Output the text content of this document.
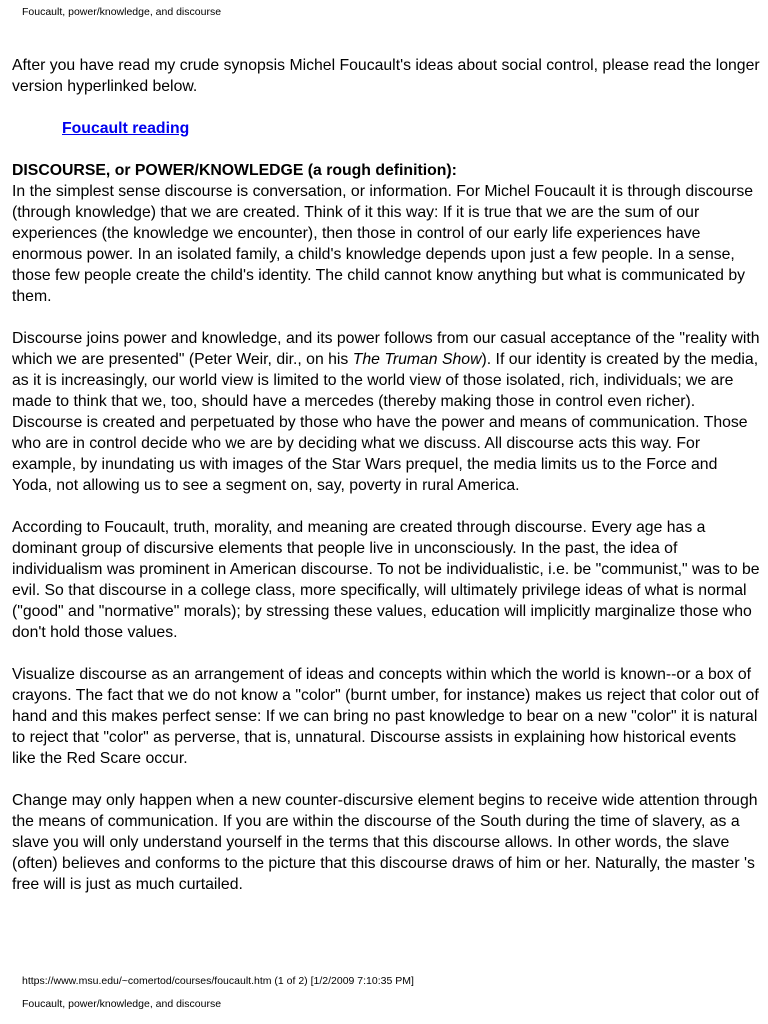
Foucault, power/knowledge, and discourse

After you have read my crude synopsis Michel Foucault's ideas about social control, please read the longer version hyperlinked below.

Foucault reading

DISCOURSE, or POWER/KNOWLEDGE (a rough definition):
In the simplest sense discourse is conversation, or information. For Michel Foucault it is through discourse (through knowledge) that we are created. Think of it this way: If it is true that we are the sum of our experiences (the knowledge we encounter), then those in control of our early life experiences have enormous power. In an isolated family, a child's knowledge depends upon just a few people. In a sense, those few people create the child's identity. The child cannot know anything but what is communicated by them.

Discourse joins power and knowledge, and its power follows from our casual acceptance of the "reality with which we are presented" (Peter Weir, dir., on his The Truman Show). If our identity is created by the media, as it is increasingly, our world view is limited to the world view of those isolated, rich, individuals; we are made to think that we, too, should have a mercedes (thereby making those in control even richer). Discourse is created and perpetuated by those who have the power and means of communication. Those who are in control decide who we are by deciding what we discuss. All discourse acts this way. For example, by inundating us with images of the Star Wars prequel, the media limits us to the Force and Yoda, not allowing us to see a segment on, say, poverty in rural America.

According to Foucault, truth, morality, and meaning are created through discourse. Every age has a dominant group of discursive elements that people live in unconsciously. In the past, the idea of individualism was prominent in American discourse. To not be individualistic, i.e. be "communist," was to be evil. So that discourse in a college class, more specifically, will ultimately privilege ideas of what is normal ("good" and "normative" morals); by stressing these values, education will implicitly marginalize those who don't hold those values.

Visualize discourse as an arrangement of ideas and concepts within which the world is known--or a box of crayons. The fact that we do not know a "color" (burnt umber, for instance) makes us reject that color out of hand and this makes perfect sense: If we can bring no past knowledge to bear on a new "color" it is natural to reject that "color" as perverse, that is, unnatural. Discourse assists in explaining how historical events like the Red Scare occur.

Change may only happen when a new counter-discursive element begins to receive wide attention through the means of communication. If you are within the discourse of the South during the time of slavery, as a slave you will only understand yourself in the terms that this discourse allows. In other words, the slave (often) believes and conforms to the picture that this discourse draws of him or her. Naturally, the master 's free will is just as much curtailed.

https://www.msu.edu/~comertod/courses/foucault.htm (1 of 2) [1/2/2009 7:10:35 PM]
Foucault, power/knowledge, and discourse
